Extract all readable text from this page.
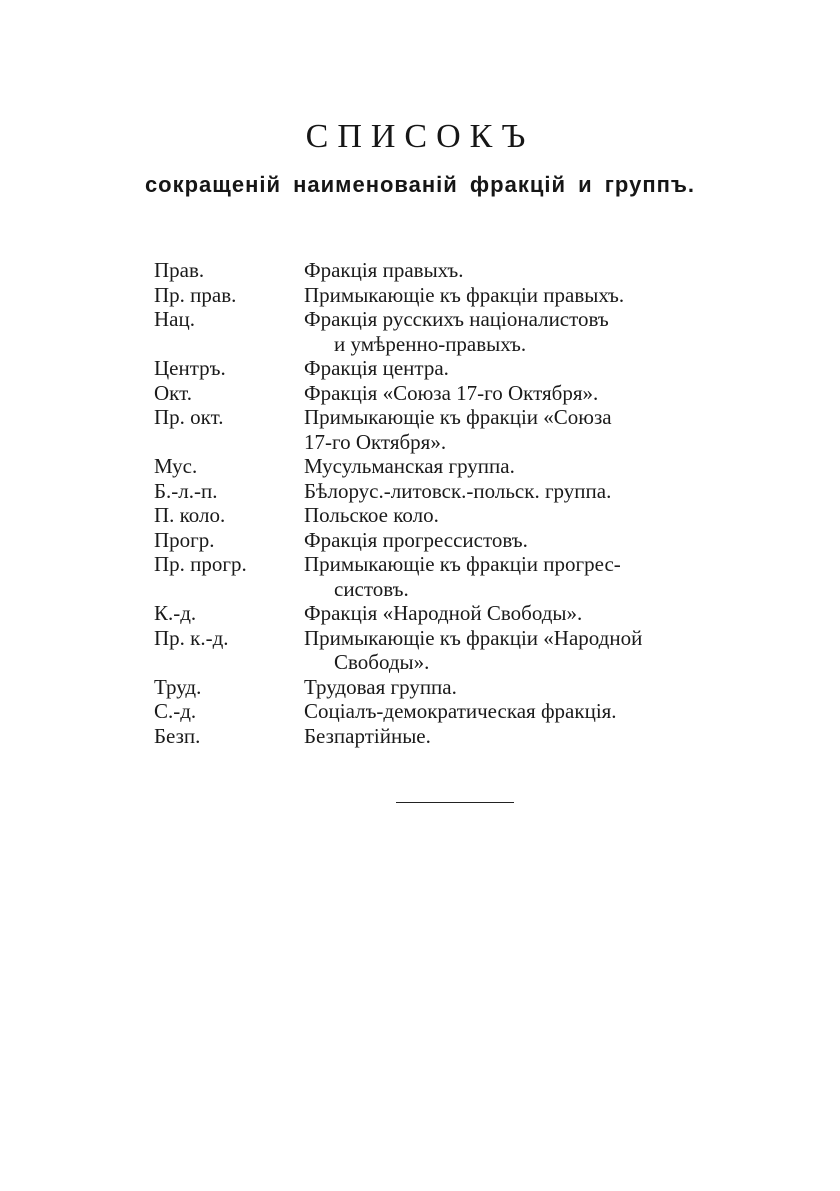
СПИСОКЪ
сокращеній наименованій фракцій и группъ.
Прав.	Фракція правыхъ.
Пр. прав.	Примыкающіе къ фракціи правыхъ.
Нац.	Фракція русскихъ націоналистовъ
и умѣренно-правыхъ.
Центръ.	Фракція центра.
Окт.	Фракція «Союза 17-го Октября».
Пр. окт.	Примыкающіе къ фракціи «Союза
17-го Октября».
Мус.	Мусульманская группа.
Б.-л.-п.	Бѣлорус.-литовск.-польск. группа.
П. коло.	Польское коло.
Прогр.	Фракція прогрессистовъ.
Пр. прогр.	Примыкающіе къ фракціи прогрес-
систовъ.
К.-д.	Фракція «Народной Свободы».
Пр. к.-д.	Примыкающіе къ фракціи «Народной
Свободы».
Труд.	Трудовая группа.
С.-д.	Соціалъ-демократическая фракція.
Безп.	Безпартійные.
